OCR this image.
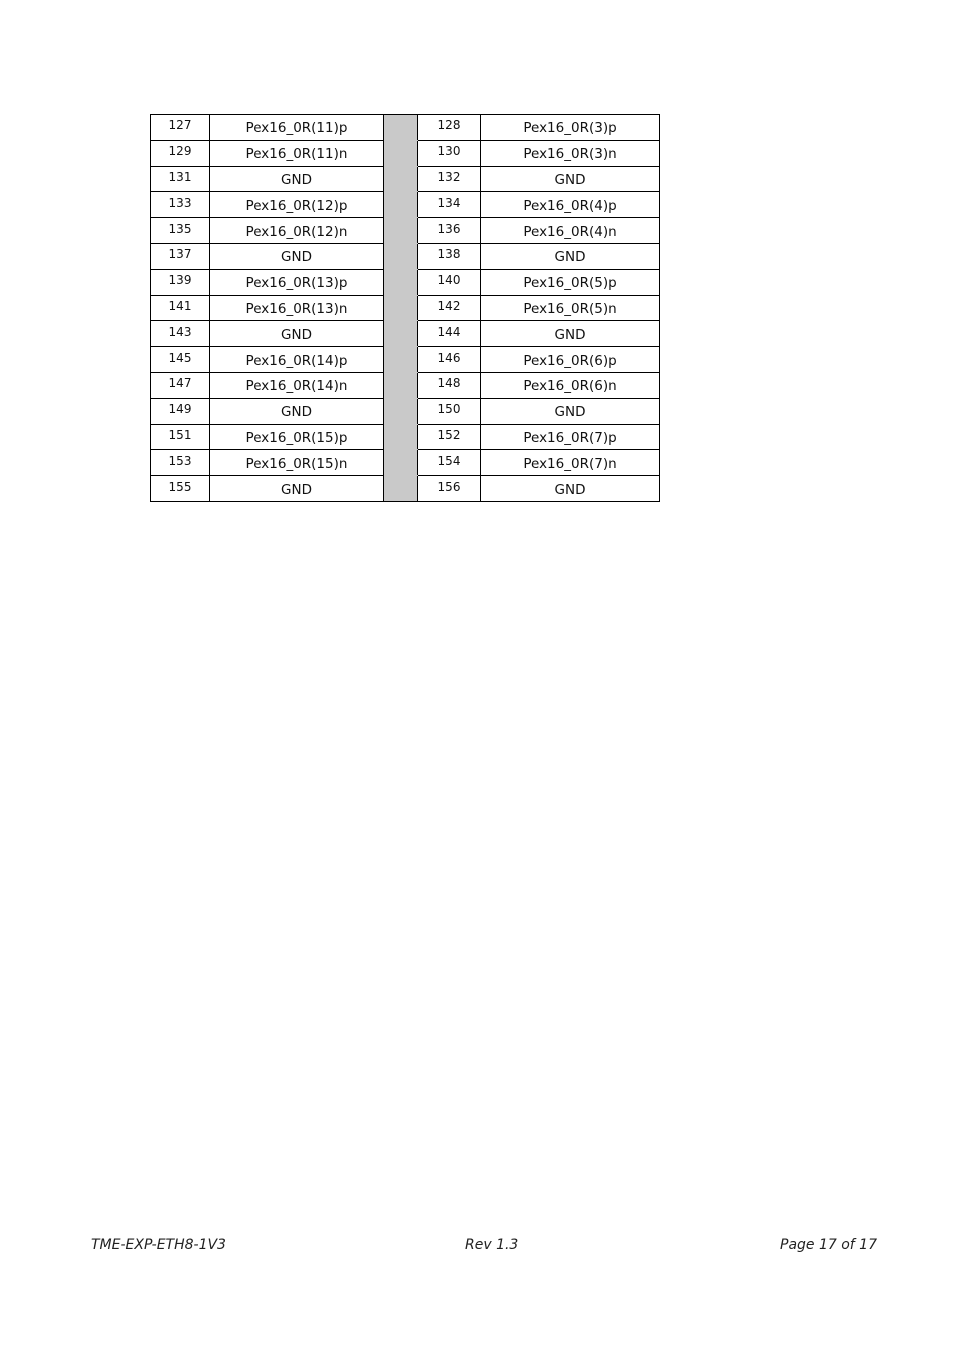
127	Pex16_0R(11)p		128	Pex16_0R(3)p
129	Pex16_0R(11)n		130	Pex16_0R(3)n
131	GND		132	GND
133	Pex16_0R(12)p		134	Pex16_0R(4)p
135	Pex16_0R(12)n		136	Pex16_0R(4)n
137	GND		138	GND
139	Pex16_0R(13)p		140	Pex16_0R(5)p
141	Pex16_0R(13)n		142	Pex16_0R(5)n
143	GND		144	GND
145	Pex16_0R(14)p		146	Pex16_0R(6)p
147	Pex16_0R(14)n		148	Pex16_0R(6)n
149	GND		150	GND
151	Pex16_0R(15)p		152	Pex16_0R(7)p
153	Pex16_0R(15)n		154	Pex16_0R(7)n
155	GND		156	GND
TME-EXP-ETH8-1V3	Rev 1.3	Page 17 of 17
